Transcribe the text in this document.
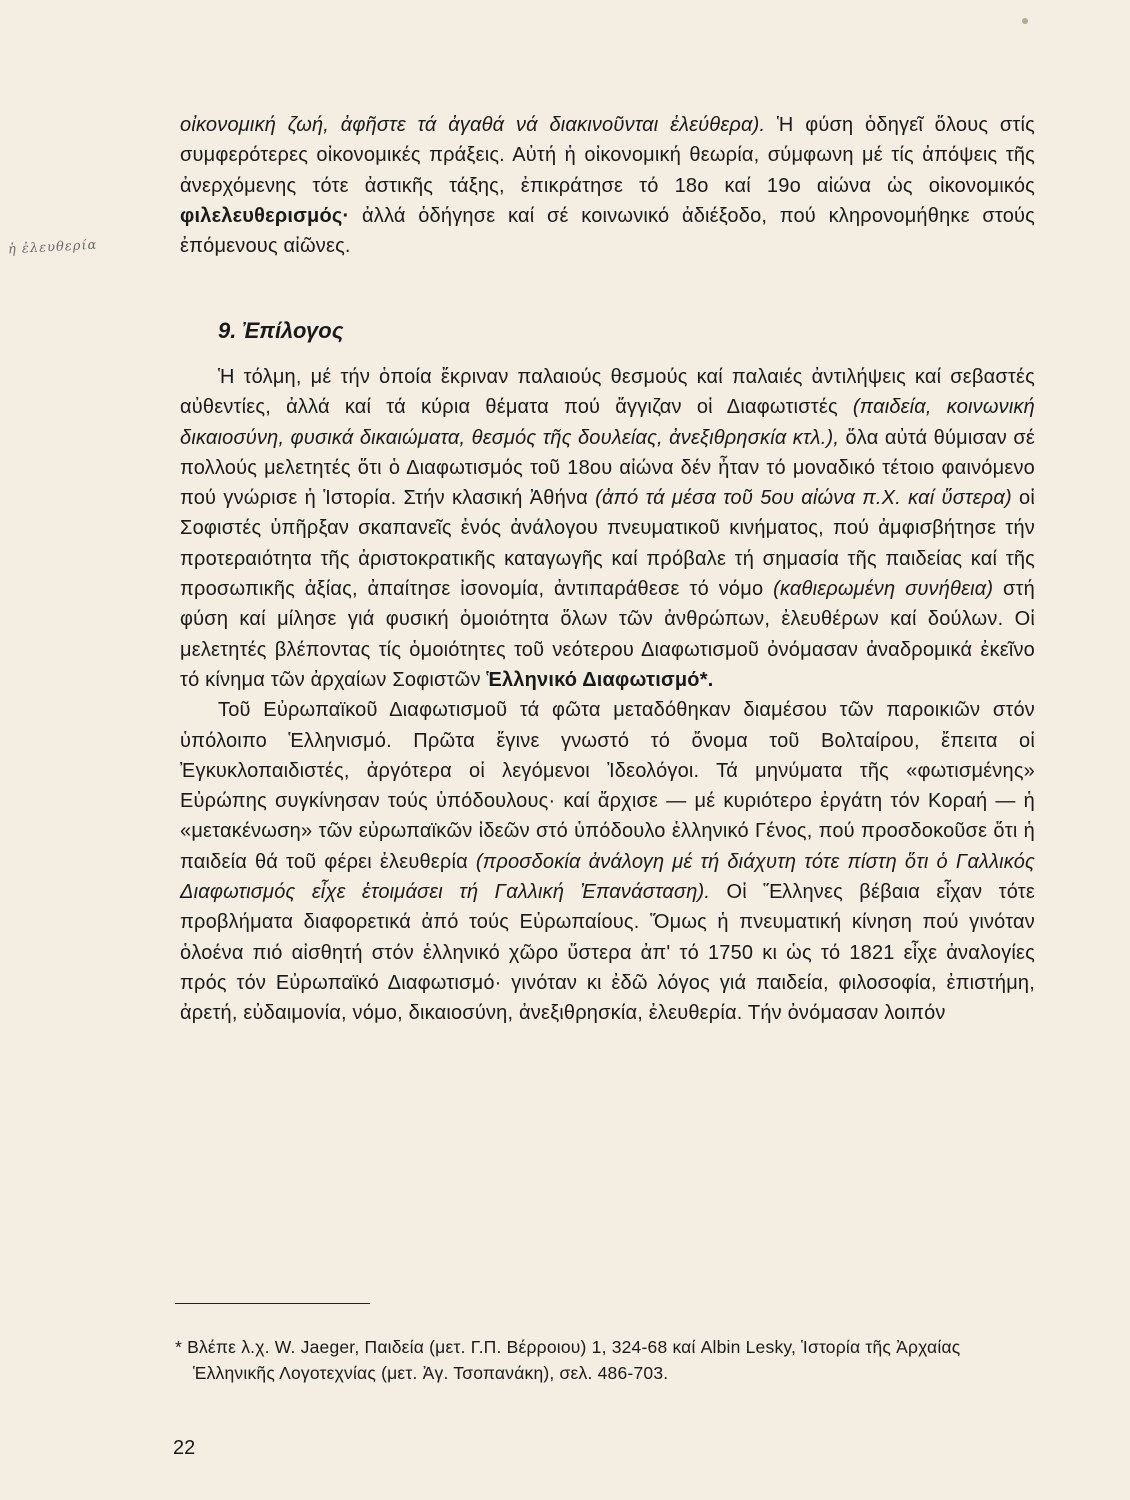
ἡ ἐλευθερία

οἰκονομική ζωή, ἀφῆστε τά ἀγαθά νά διακινοῦνται ἐλεύθερα). Ἡ φύση ὁδηγεῖ ὅλους στίς συμφερότερες οἰκονομικές πράξεις. Αὐτή ἡ οἰκονομική θεωρία, σύμφωνη μέ τίς ἀπόψεις τῆς ἀνερχόμενης τότε ἀστικῆς τάξης, ἐπικράτησε τό 18ο καί 19ο αἰώνα ὡς οἰκονομικός φιλελευθερισμός· ἀλλά ὁδήγησε καί σέ κοινωνικό ἀδιέξοδο, πού κληρονομήθηκε στούς ἐπόμενους αἰῶνες.

9. Ἐπίλογος

Ἡ τόλμη, μέ τήν ὁποία ἔκριναν παλαιούς θεσμούς καί παλαιές ἀντιλήψεις καί σεβαστές αὐθεντίες, ἀλλά καί τά κύρια θέματα πού ἄγγιζαν οἱ Διαφωτιστές (παιδεία, κοινωνική δικαιοσύνη, φυσικά δικαιώματα, θεσμός τῆς δουλείας, ἀνεξιθρησκία κτλ.), ὅλα αὐτά θύμισαν σέ πολλούς μελετητές ὅτι ὁ Διαφωτισμός τοῦ 18ου αἰώνα δέν ἦταν τό μοναδικό τέτοιο φαινόμενο πού γνώρισε ἡ Ἱστορία. Στήν κλασική Ἀθήνα (ἀπό τά μέσα τοῦ 5ου αἰώνα π.Χ. καί ὕστερα) οἱ Σοφιστές ὑπῆρξαν σκαπανεῖς ἑνός ἀνάλογου πνευματικοῦ κινήματος, πού ἀμφισβήτησε τήν προτεραιότητα τῆς ἀριστοκρατικῆς καταγωγῆς καί πρόβαλε τή σημασία τῆς παιδείας καί τῆς προσωπικῆς ἀξίας, ἀπαίτησε ἰσονομία, ἀντιπαράθεσε τό νόμο (καθιερωμένη συνήθεια) στή φύση καί μίλησε γιά φυσική ὁμοιότητα ὅλων τῶν ἀνθρώπων, ἐλευθέρων καί δούλων. Οἱ μελετητές βλέποντας τίς ὁμοιότητες τοῦ νεότερου Διαφωτισμοῦ ὀνόμασαν ἀναδρομικά ἐκεῖνο τό κίνημα τῶν ἀρχαίων Σοφιστῶν Ἑλληνικό Διαφωτισμό*.

Τοῦ Εὐρωπαϊκοῦ Διαφωτισμοῦ τά φῶτα μεταδόθηκαν διαμέσου τῶν παροικιῶν στόν ὑπόλοιπο Ἑλληνισμό. Πρῶτα ἔγινε γνωστό τό ὄνομα τοῦ Βολταίρου, ἔπειτα οἱ Ἐγκυκλοπαιδιστές, ἀργότερα οἱ λεγόμενοι Ἰδεολόγοι. Τά μηνύματα τῆς «φωτισμένης» Εὐρώπης συγκίνησαν τούς ὑπόδουλους· καί ἄρχισε — μέ κυριότερο ἐργάτη τόν Κοραή — ἡ «μετακένωση» τῶν εὐρωπαϊκῶν ἰδεῶν στό ὑπόδουλο ἑλληνικό Γένος, πού προσδοκοῦσε ὅτι ἡ παιδεία θά τοῦ φέρει ἐλευθερία (προσδοκία ἀνάλογη μέ τή διάχυτη τότε πίστη ὅτι ὁ Γαλλικός Διαφωτισμός εἶχε ἑτοιμάσει τή Γαλλική Ἐπανάσταση). Οἱ Ἕλληνες βέβαια εἶχαν τότε προβλήματα διαφορετικά ἀπό τούς Εὐρωπαίους. Ὅμως ἡ πνευματική κίνηση πού γινόταν ὁλοένα πιό αἰσθητή στόν ἑλληνικό χῶρο ὕστερα ἀπ' τό 1750 κι ὡς τό 1821 εἶχε ἀναλογίες πρός τόν Εὐρωπαϊκό Διαφωτισμό· γινόταν κι ἐδῶ λόγος γιά παιδεία, φιλοσοφία, ἐπιστήμη, ἀρετή, εὐδαιμονία, νόμο, δικαιοσύνη, ἀνεξιθρησκία, ἐλευθερία. Τήν ὀνόμασαν λοιπόν

* Βλέπε λ.χ. W. Jaeger, Παιδεία (μετ. Γ.Π. Βέρροιου) 1, 324-68 καί Albin Lesky, Ἱστορία τῆς Ἀρχαίας Ἑλληνικῆς Λογοτεχνίας (μετ. Ἀγ. Τσοπανάκη), σελ. 486-703.
22
